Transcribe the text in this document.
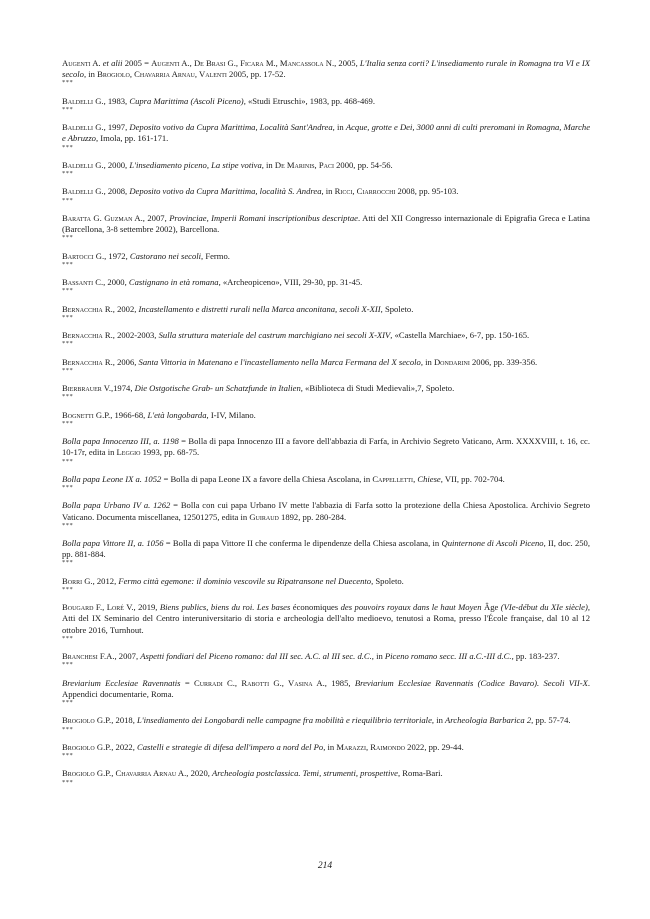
Augenti A. et alii 2005 = Augenti A., De Brasi G., Ficara M., Mancassola N., 2005, L'Italia senza corti? L'insediamento rurale in Romagna tra VI e IX secolo, in Brogiolo, Chavarria Arnau, Valenti 2005, pp. 17-52.

***

Baldelli G., 1983, Cupra Marittima (Ascoli Piceno), «Studi Etruschi», 1983, pp. 468-469.

***

Baldelli G., 1997, Deposito votivo da Cupra Marittima, Località Sant'Andrea, in Acque, grotte e Dei, 3000 anni di culti preromani in Romagna, Marche e Abruzzo, Imola, pp. 161-171.

***

Baldelli G., 2000, L'insediamento piceno, La stipe votiva, in De Marinis, Paci 2000, pp. 54-56.

***

Baldelli G., 2008, Deposito votivo da Cupra Marittima, località S. Andrea, in Ricci, Ciarrocchi 2008, pp. 95-103.

***

Baratta G. Guzman A., 2007, Provinciae, Imperii Romani inscriptionibus descriptae. Atti del XII Congresso internazionale di Epigrafia Greca e Latina (Barcellona, 3-8 settembre 2002), Barcellona.

***

Bartocci G., 1972, Castorano nei secoli, Fermo.

***

Bassanti C., 2000, Castignano in età romana, «Archeopiceno», VIII, 29-30, pp. 31-45.

***

Bernacchia R., 2002, Incastellamento e distretti rurali nella Marca anconitana, secoli X-XII, Spoleto.

***

Bernacchia R., 2002-2003, Sulla struttura materiale del castrum marchigiano nei secoli X-XIV, «Castella Marchiae», 6-7, pp. 150-165.

***

Bernacchia R., 2006, Santa Vittoria in Matenano e l'incastellamento nella Marca Fermana del X secolo, in Dondarini 2006, pp. 339-356.

***

Bierbrauer V.,1974, Die Ostgotische Grab- un Schatzfunde in Italien, «Biblioteca di Studi Medievali»,7, Spoleto.

***

Bognetti G.P., 1966-68, L'età longobarda, I-IV, Milano.

***

Bolla papa Innocenzo III, a. 1198 = Bolla di papa Innocenzo III a favore dell'abbazia di Farfa, in Archivio Segreto Vaticano, Arm. XXXXVIII, t. 16, cc. 10-17r, edita in Leggio 1993, pp. 68-75.

***

Bolla papa Leone IX a. 1052 = Bolla di papa Leone IX a favore della Chiesa Ascolana, in Cappelletti, Chiese, VII, pp. 702-704.

***

Bolla papa Urbano IV a. 1262 = Bolla con cui papa Urbano IV mette l'abbazia di Farfa sotto la protezione della Chiesa Apostolica. Archivio Segreto Vaticano. Documenta miscellanea, 12501275, edita in Guiraud 1892, pp. 280-284.

***

Bolla papa Vittore II, a. 1056 = Bolla di papa Vittore II che conferma le dipendenze della Chiesa ascolana, in Quinternone di Ascoli Piceno, II, doc. 250, pp. 881-884.

***

Borri G., 2012, Fermo città egemone: il dominio vescovile su Ripatransone nel Duecento, Spoleto.

***

Bougard F., Loré V., 2019, Biens publics, biens du roi. Les bases économiques des pouvoirs royaux dans le haut Moyen Âge (VIe-début du XIe siècle), Atti del IX Seminario del Centro interuniversitario di storia e archeologia dell'alto medioevo, tenutosi a Roma, presso l'École française, dal 10 al 12 ottobre 2016, Turnhout.

***

Branchesi F.A., 2007, Aspetti fondiari del Piceno romano: dal III sec. A.C. al III sec. d.C., in Piceno romano secc. III a.C.-III d.C., pp. 183-237.

***

Breviarium Ecclesiae Ravennatis = Curradi C., Rabotti G., Vasina A., 1985, Breviarium Ecclesiae Ravennatis (Codice Bavaro). Secoli VII-X. Appendici documentarie, Roma.

***

Brogiolo G.P., 2018, L'insediamento dei Longobardi nelle campagne fra mobilità e riequilibrio territoriale, in Archeologia Barbarica 2, pp. 57-74.

***

Brogiolo G.P., 2022, Castelli e strategie di difesa dell'impero a nord del Po, in Marazzi, Raimondo 2022, pp. 29-44.

***

Brogiolo G.P., Chavarria Arnau A., 2020, Archeologia postclassica. Temi, strumenti, prospettive, Roma-Bari.

***
214
